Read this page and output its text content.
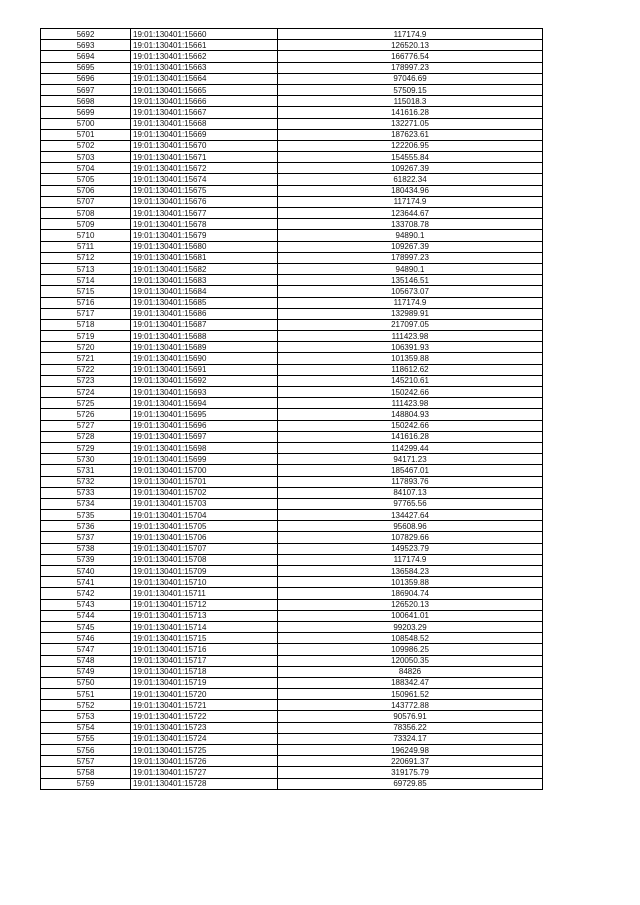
5692	19:01:130401:15660	117174.9
5693	19:01:130401:15661	126520.13
5694	19:01:130401:15662	166776.54
5695	19:01:130401:15663	178997.23
5696	19:01:130401:15664	97046.69
5697	19:01:130401:15665	57509.15
5698	19:01:130401:15666	115018.3
5699	19:01:130401:15667	141616.28
5700	19:01:130401:15668	132271.05
5701	19:01:130401:15669	187623.61
5702	19:01:130401:15670	122206.95
5703	19:01:130401:15671	154555.84
5704	19:01:130401:15672	109267.39
5705	19:01:130401:15674	61822.34
5706	19:01:130401:15675	180434.96
5707	19:01:130401:15676	117174.9
5708	19:01:130401:15677	123644.67
5709	19:01:130401:15678	133708.78
5710	19:01:130401:15679	94890.1
5711	19:01:130401:15680	109267.39
5712	19:01:130401:15681	178997.23
5713	19:01:130401:15682	94890.1
5714	19:01:130401:15683	135146.51
5715	19:01:130401:15684	105673.07
5716	19:01:130401:15685	117174.9
5717	19:01:130401:15686	132989.91
5718	19:01:130401:15687	217097.05
5719	19:01:130401:15688	111423.98
5720	19:01:130401:15689	106391.93
5721	19:01:130401:15690	101359.88
5722	19:01:130401:15691	118612.62
5723	19:01:130401:15692	145210.61
5724	19:01:130401:15693	150242.66
5725	19:01:130401:15694	111423.98
5726	19:01:130401:15695	148804.93
5727	19:01:130401:15696	150242.66
5728	19:01:130401:15697	141616.28
5729	19:01:130401:15698	114299.44
5730	19:01:130401:15699	94171.23
5731	19:01:130401:15700	185467.01
5732	19:01:130401:15701	117893.76
5733	19:01:130401:15702	84107.13
5734	19:01:130401:15703	97765.56
5735	19:01:130401:15704	134427.64
5736	19:01:130401:15705	95608.96
5737	19:01:130401:15706	107829.66
5738	19:01:130401:15707	149523.79
5739	19:01:130401:15708	117174.9
5740	19:01:130401:15709	136584.23
5741	19:01:130401:15710	101359.88
5742	19:01:130401:15711	186904.74
5743	19:01:130401:15712	126520.13
5744	19:01:130401:15713	100641.01
5745	19:01:130401:15714	99203.29
5746	19:01:130401:15715	108548.52
5747	19:01:130401:15716	109986.25
5748	19:01:130401:15717	120050.35
5749	19:01:130401:15718	84826
5750	19:01:130401:15719	188342.47
5751	19:01:130401:15720	150961.52
5752	19:01:130401:15721	143772.88
5753	19:01:130401:15722	90576.91
5754	19:01:130401:15723	78356.22
5755	19:01:130401:15724	73324.17
5756	19:01:130401:15725	196249.98
5757	19:01:130401:15726	220691.37
5758	19:01:130401:15727	319175.79
5759	19:01:130401:15728	69729.85
